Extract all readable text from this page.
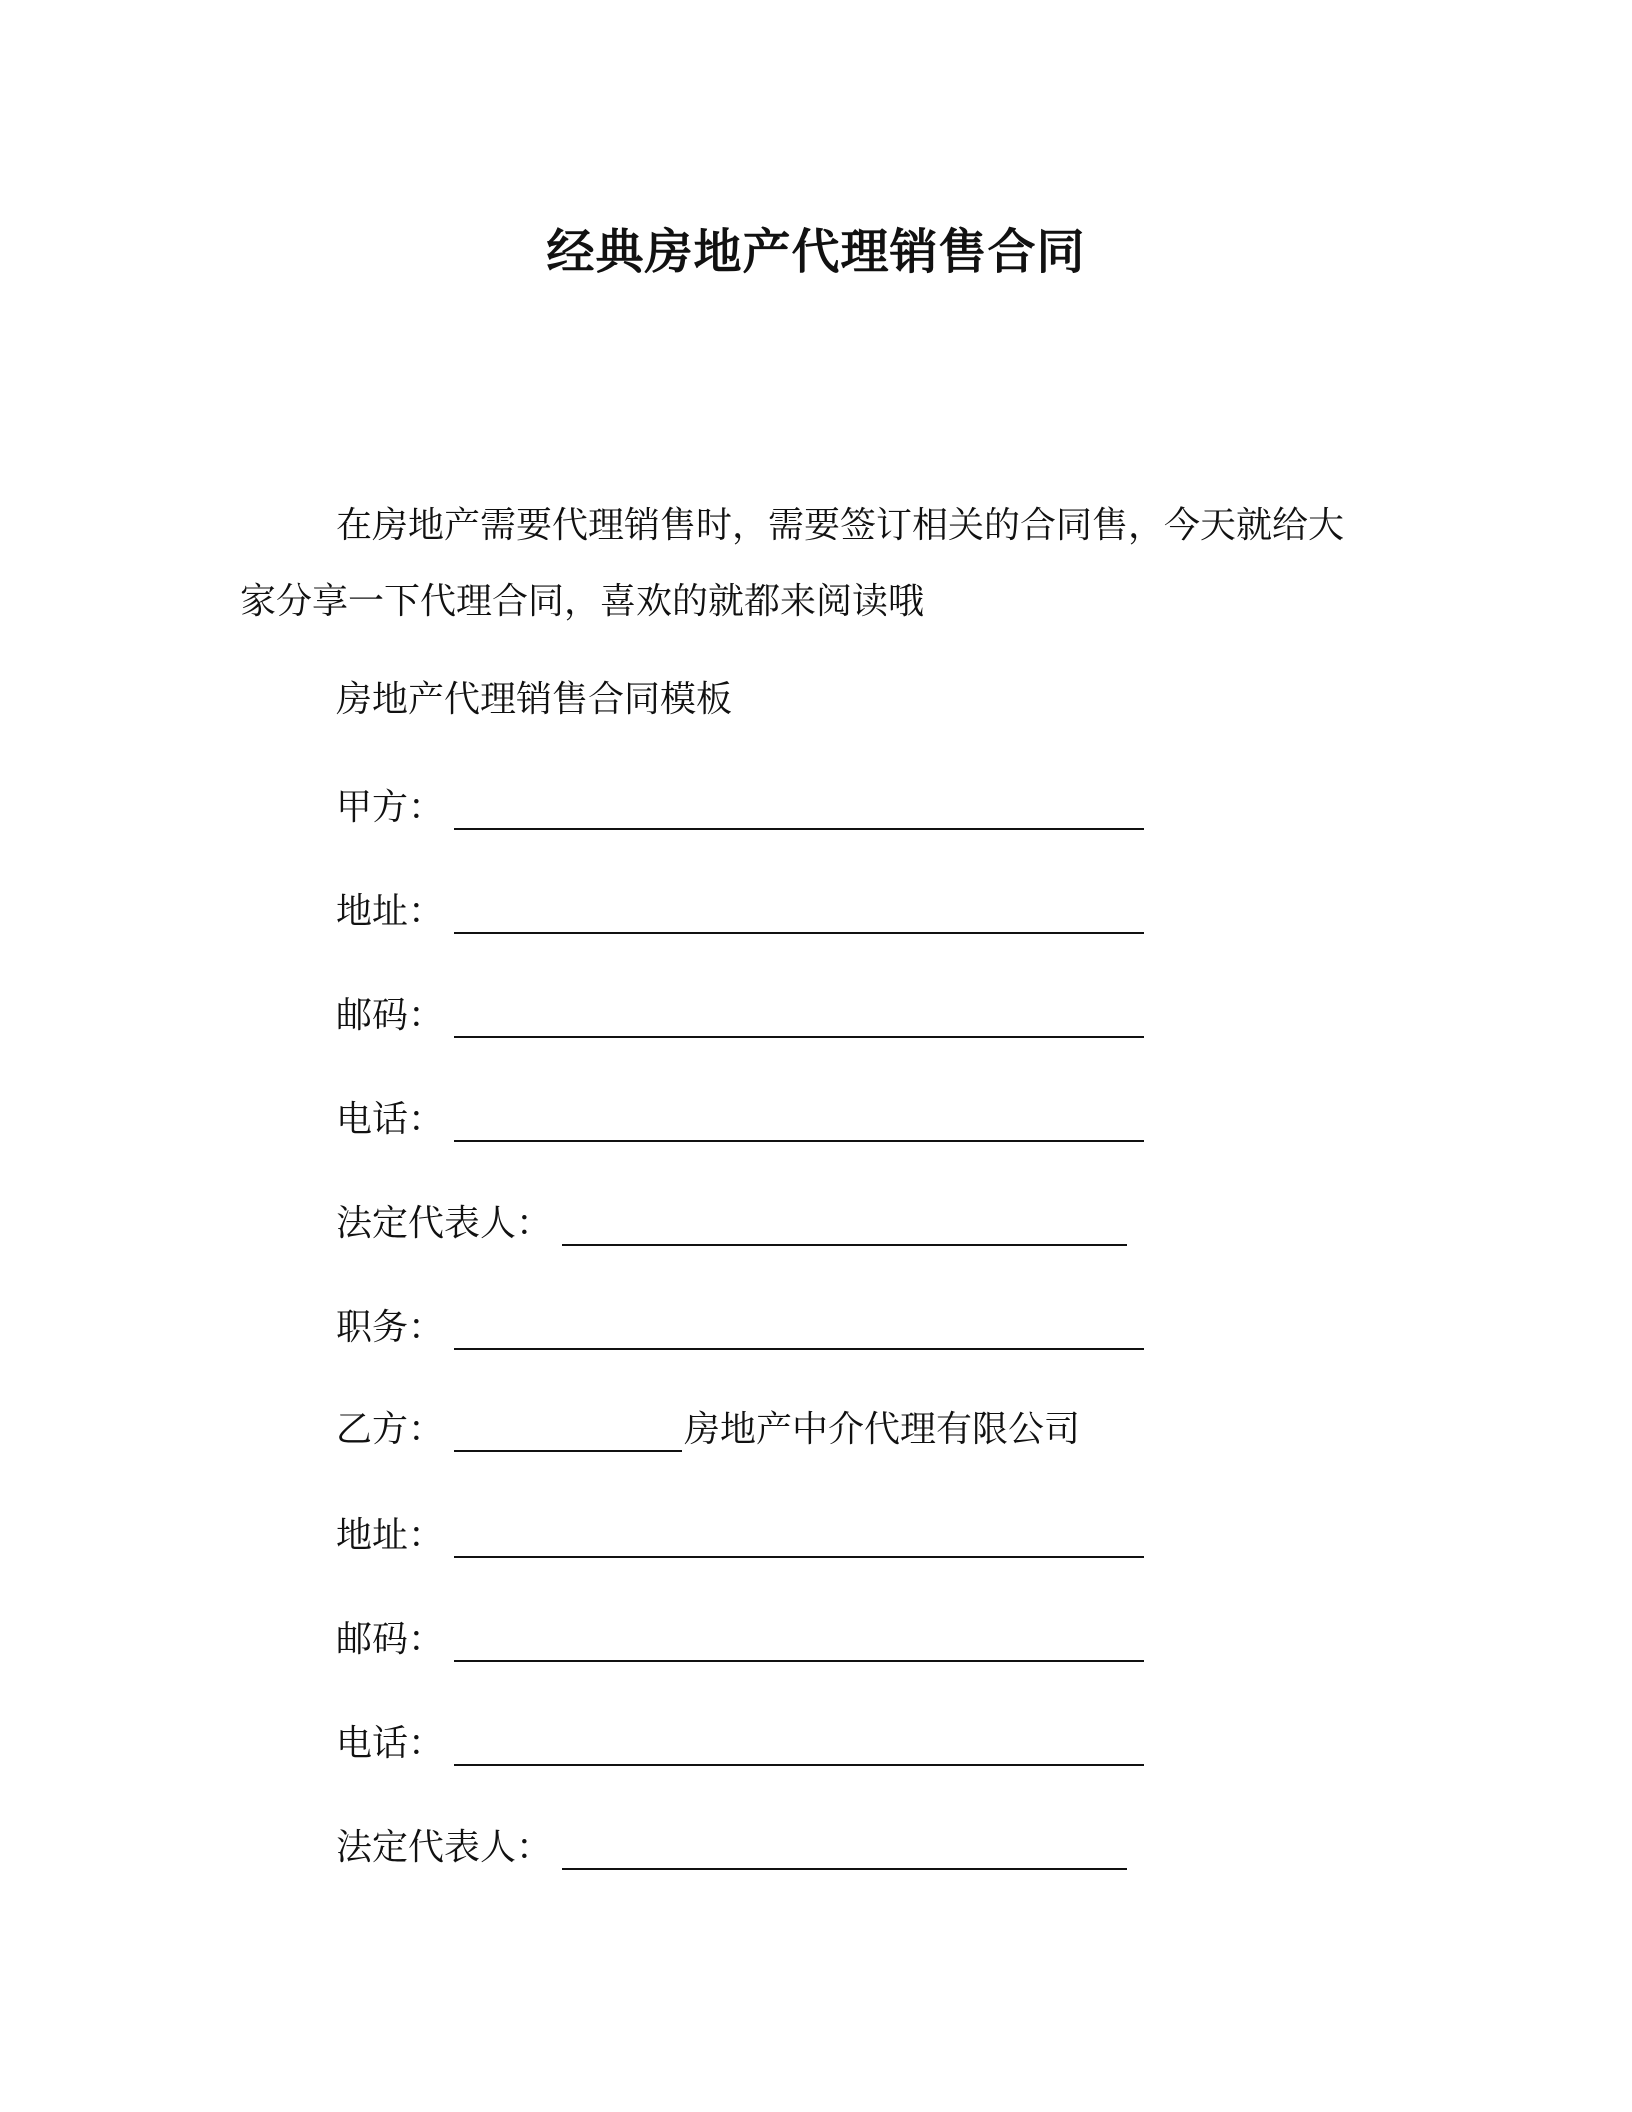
经典房地产代理销售合同
在房地产需要代理销售时，需要签订相关的合同售，今天就给大家分享一下代理合同，喜欢的就都来阅读哦
房地产代理销售合同模板
甲方：
地址：
邮码：
电话：
法定代表人：
职务：
乙方：	房地产中介代理有限公司
地址：
邮码：
电话：
法定代表人：
